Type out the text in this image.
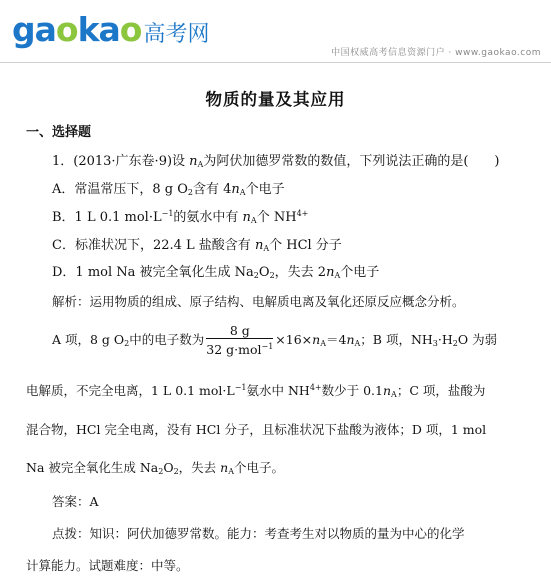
gaokao 高考网
中国权威高考信息资源门户 · www.gaokao.com
物质的量及其应用
一、选择题
1．(2013·广东卷·9)设 $n_A$为阿伏加德罗常数的数值，下列说法正确的是(　　)
A．常温常压下，8 g $O_2$含有 $4n_A$个电子
B．1 L 0.1 $mol\cdot L^{-1}$的氨水中有 $n_A$个 $NH^{4+}$
C．标准状况下，22.4 L 盐酸含有 $n_A$个 HCl 分子
D．1 mol Na 被完全氧化生成 $Na_2O_2$，失去 $2n_A$个电子
解析：运用物质的组成、原子结构、电解质电离及氧化还原反应概念分析。
A 项，8 g $O_2$中的电子数为 $\frac{8 g}{32 g\cdot mol^{-1}} \times 16\times n_A=4n_A$；B 项，$NH_3\cdot H_2O$ 为弱
电解质，不完全电离，1 L 0.1 $mol\cdot L^{-1}$氨水中 $NH^{4+}$数少于 $0.1n_A$；C 项，盐酸为
混合物，HCl 完全电离，没有 HCl 分子，且标准状况下盐酸为液体；D 项，1 mol
Na 被完全氧化生成 $Na_2O_2$，失去 $n_A$个电子。
答案：A
点拨：知识：阿伏加德罗常数。能力：考查考生对以物质的量为中心的化学
计算能力。试题难度：中等。
